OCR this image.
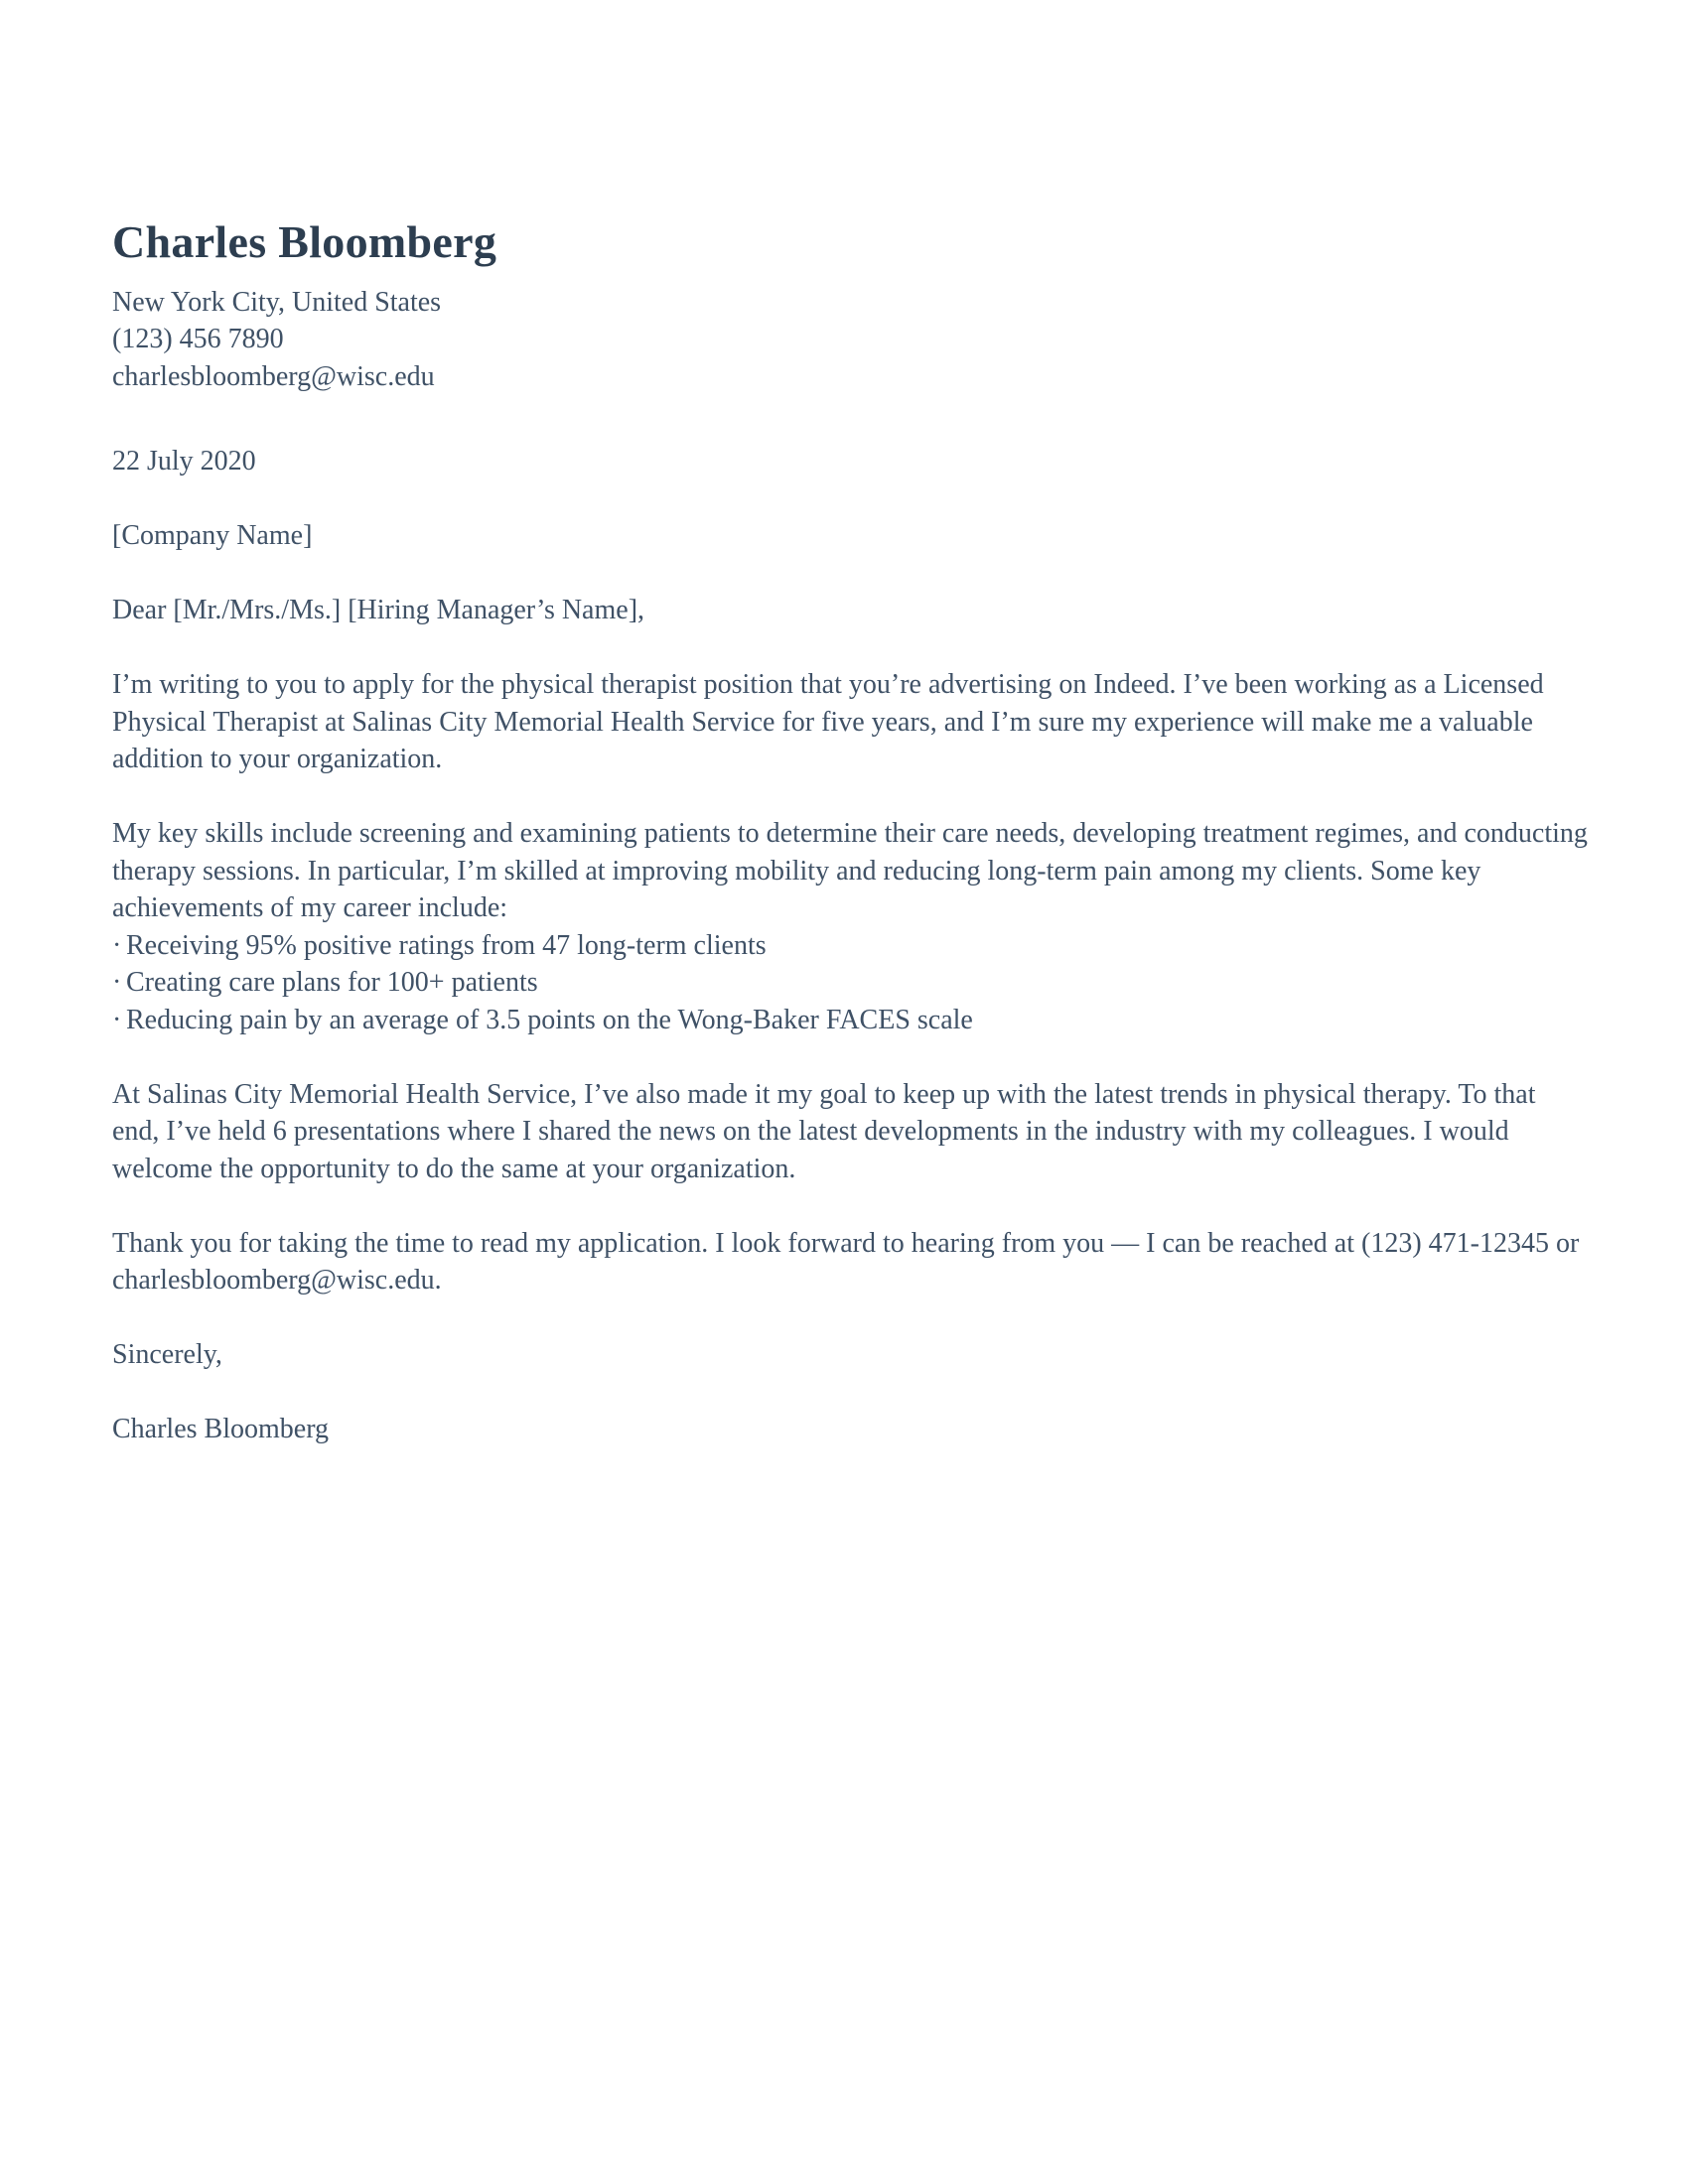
Charles Bloomberg

New York City, United States

(123) 456 7890

charlesbloomberg@wisc.edu

22 July 2020

[Company Name]

Dear [Mr./Mrs./Ms.] [Hiring Manager’s Name],

I’m writing to you to apply for the physical therapist position that you’re advertising on Indeed. I’ve been working as a Licensed Physical Therapist at Salinas City Memorial Health Service for five years, and I’m sure my experience will make me a valuable addition to your organization.

My key skills include screening and examining patients to determine their care needs, developing treatment regimes, and conducting therapy sessions. In particular, I’m skilled at improving mobility and reducing long-term pain among my clients. Some key achievements of my career include:

· Receiving 95% positive ratings from 47 long-term clients

· Creating care plans for 100+ patients

· Reducing pain by an average of 3.5 points on the Wong-Baker FACES scale

At Salinas City Memorial Health Service, I’ve also made it my goal to keep up with the latest trends in physical therapy. To that end, I’ve held 6 presentations where I shared the news on the latest developments in the industry with my colleagues. I would welcome the opportunity to do the same at your organization.

Thank you for taking the time to read my application. I look forward to hearing from you — I can be reached at (123) 471-12345 or charlesbloomberg@wisc.edu.

Sincerely,

Charles Bloomberg
